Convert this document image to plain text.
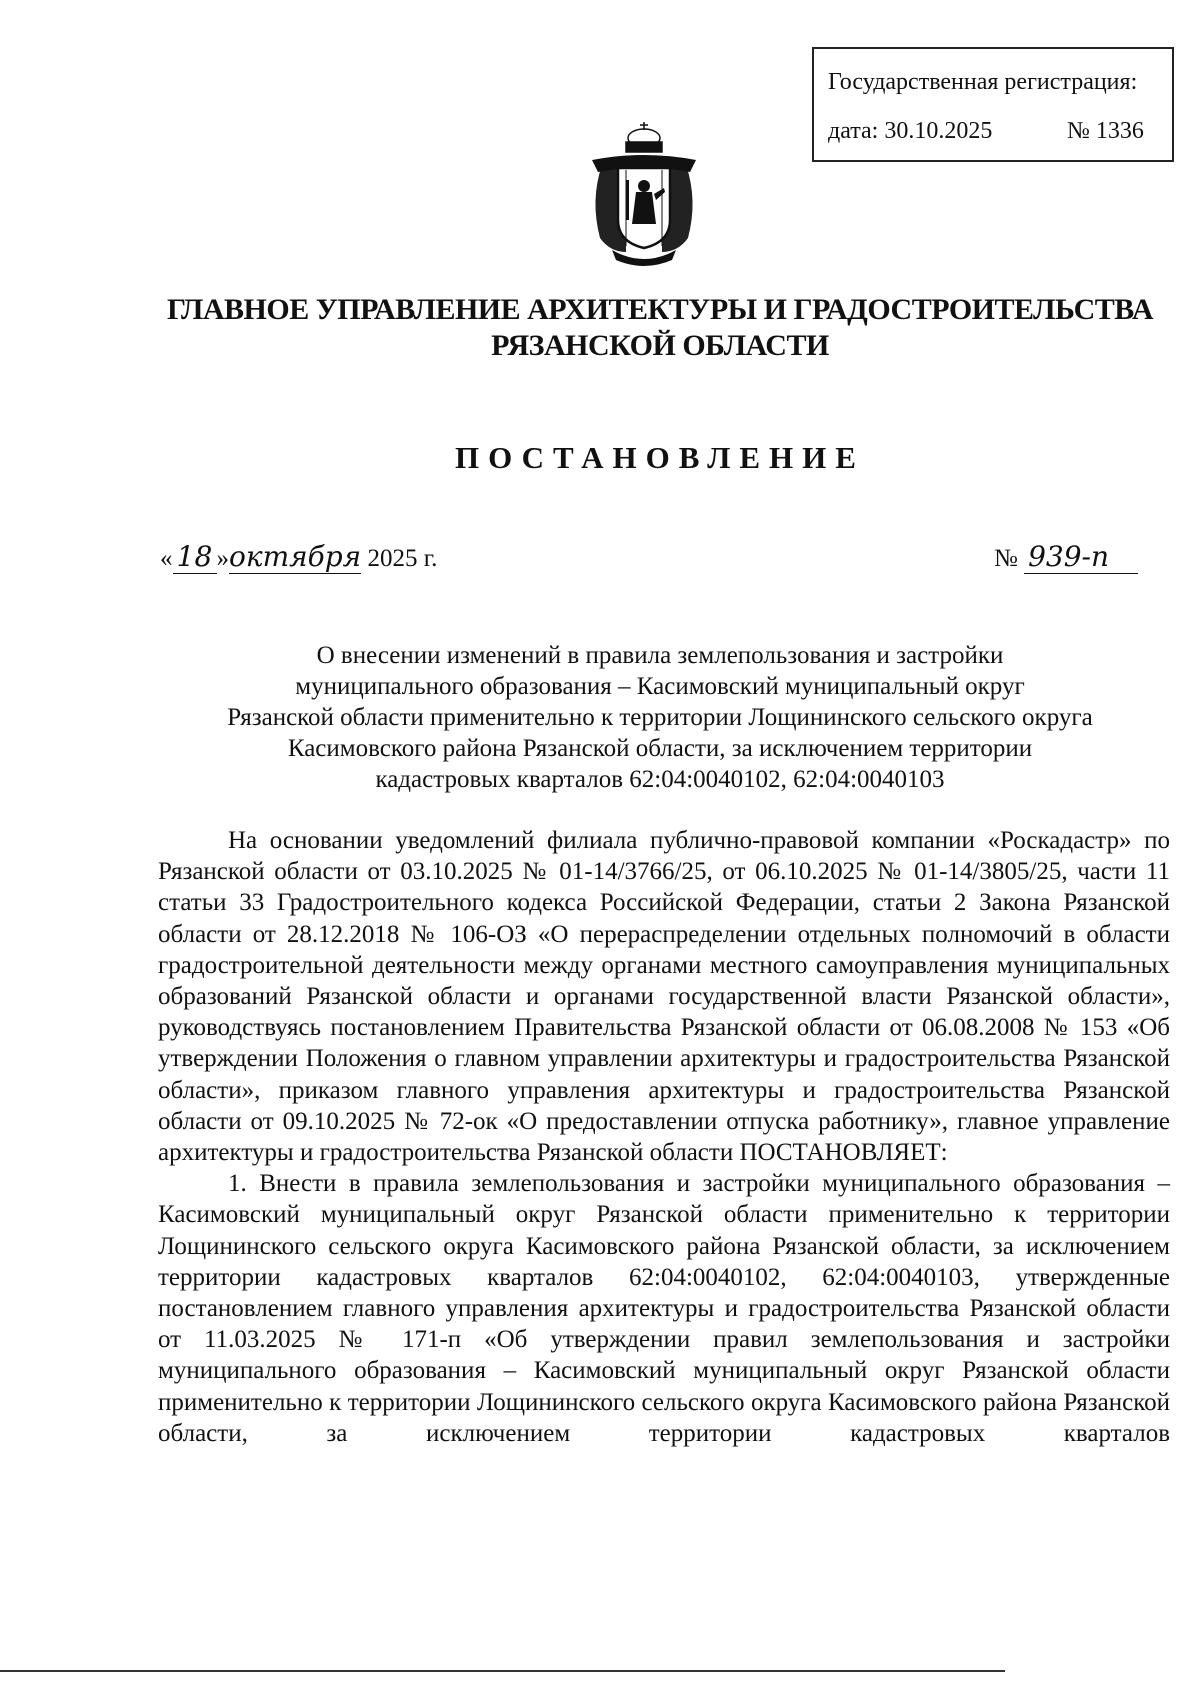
Государственная регистрация:
дата: 30.10.2025	№ 1336
ГЛАВНОЕ УПРАВЛЕНИЕ АРХИТЕКТУРЫ И ГРАДОСТРОИТЕЛЬСТВА
РЯЗАНСКОЙ ОБЛАСТИ
ПОСТАНОВЛЕНИЕ
« 18 »октября 2025 г.	№ 939-п
О внесении изменений в правила землепользования и застройки
муниципального образования – Касимовский муниципальный округ
Рязанской области применительно к территории Лощининского сельского округа
Касимовского района Рязанской области, за исключением территории
кадастровых кварталов 62:04:0040102, 62:04:0040103

На основании уведомлений филиала публично-правовой компании «Роскадастр» по Рязанской области от 03.10.2025 № 01-14/3766/25, от 06.10.2025 № 01-14/3805/25, части 11 статьи 33 Градостроительного кодекса Российской Федерации, статьи 2 Закона Рязанской области от 28.12.2018 № 106-ОЗ «О перераспределении отдельных полномочий в области градостроительной деятельности между органами местного самоуправления муниципальных образований Рязанской области и органами государственной власти Рязанской области», руководствуясь постановлением Правительства Рязанской области от 06.08.2008 № 153 «Об утверждении Положения о главном управлении архитектуры и градостроительства Рязанской области», приказом главного управления архитектуры и градостроительства Рязанской области от 09.10.2025 № 72-ок «О предоставлении отпуска работнику», главное управление архитектуры и градостроительства Рязанской области ПОСТАНОВЛЯЕТ:

1. Внести в правила землепользования и застройки муниципального образования – Касимовский муниципальный округ Рязанской области применительно к территории Лощининского сельского округа Касимовского района Рязанской области, за исключением территории кадастровых кварталов 62:04:0040102, 62:04:0040103, утвержденные постановлением главного управления архитектуры и градостроительства Рязанской области от 11.03.2025 № 171-п «Об утверждении правил землепользования и застройки муниципального образования – Касимовский муниципальный округ Рязанской области применительно к территории Лощининского сельского округа Касимовского района Рязанской области, за исключением территории кадастровых кварталов
